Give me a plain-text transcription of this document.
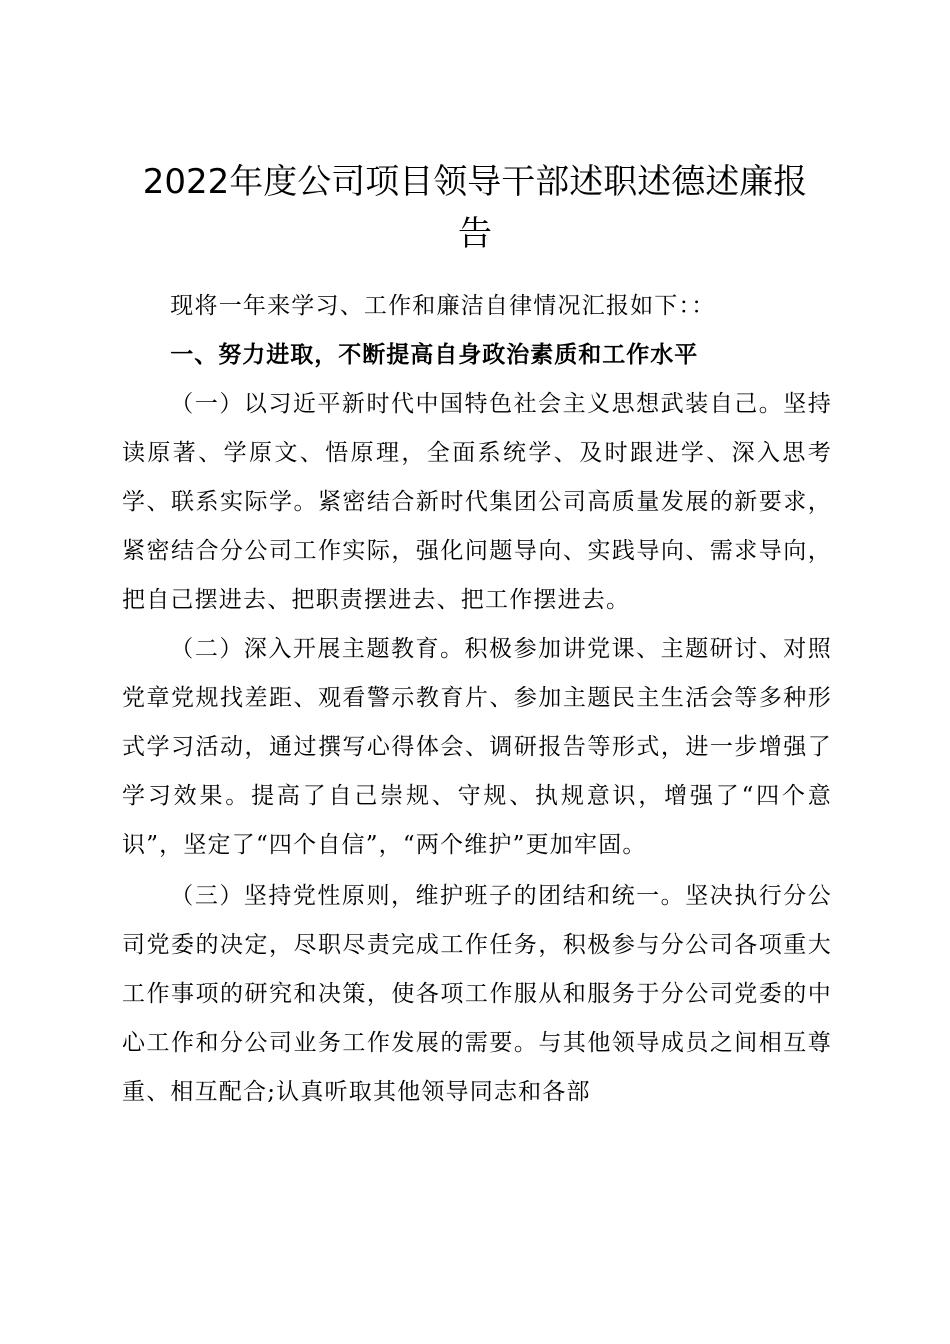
2022年度公司项目领导干部述职述德述廉报
告

现将一年来学习、工作和廉洁自律情况汇报如下：：

一、努力进取，不断提高自身政治素质和工作水平

（一）以习近平新时代中国特色社会主义思想武装自己。坚持读原著、学原文、悟原理，全面系统学、及时跟进学、深入思考学、联系实际学。紧密结合新时代集团公司高质量发展的新要求，紧密结合分公司工作实际，强化问题导向、实践导向、需求导向，把自己摆进去、把职责摆进去、把工作摆进去。

（二）深入开展主题教育。积极参加讲党课、主题研讨、对照党章党规找差距、观看警示教育片、参加主题民主生活会等多种形式学习活动，通过撰写心得体会、调研报告等形式，进一步增强了学习效果。提高了自己崇规、守规、执规意识，增强了“四个意识”，坚定了“四个自信”，“两个维护”更加牢固。

（三）坚持党性原则，维护班子的团结和统一。坚决执行分公司党委的决定，尽职尽责完成工作任务，积极参与分公司各项重大工作事项的研究和决策，使各项工作服从和服务于分公司党委的中心工作和分公司业务工作发展的需要。与其他领导成员之间相互尊重、相互配合;认真听取其他领导同志和各部
